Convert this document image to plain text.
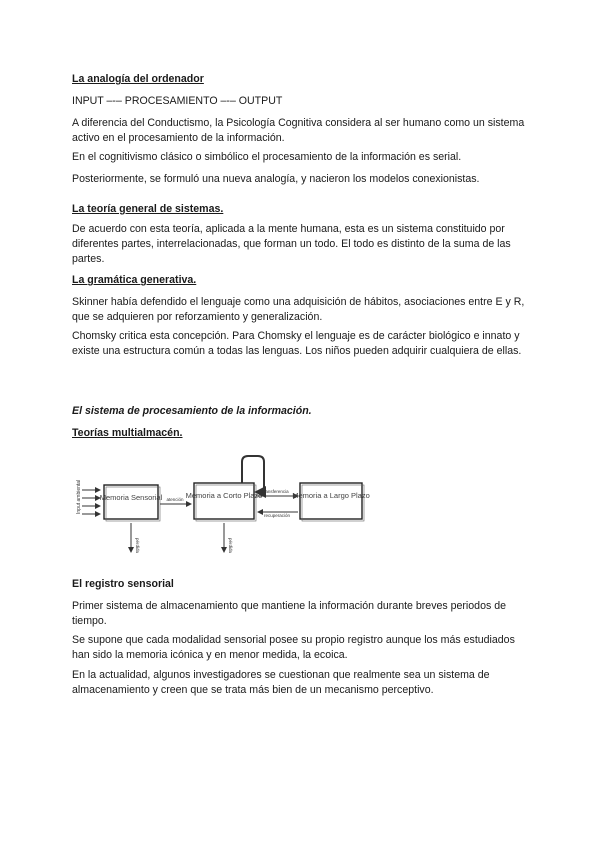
La analogía del ordenador

INPUT –-– PROCESAMIENTO –-– OUTPUT

A diferencia del Conductismo, la Psicología Cognitiva considera al ser humano como un sistema activo en el procesamiento de la información.

En el cognitivismo clásico o simbólico el procesamiento de la información es serial.

Posteriormente, se formuló una nueva analogía, y nacieron los modelos conexionistas.

La teoría general de sistemas.

De acuerdo con esta teoría, aplicada a la mente humana, esta es un sistema constituido por diferentes partes, interrelacionadas, que forman un todo. El todo es distinto de la suma de las partes.

La gramática generativa.

Skinner había defendido el lenguaje como una adquisición de hábitos, asociaciones entre E y R, que se adquieren por reforzamiento y generalización.

Chomsky critica esta concepción. Para Chomsky el lenguaje es de carácter biológico e innato y existe una estructura común a todas las lenguas. Los niños pueden adquirir cualquiera de ellas.

El sistema de procesamiento de la información.

Teorías multialmacén.

Input ambiental Memoria Sensorial atención Memoria a Corto Plazo
Transferencia
recuperación
Memoria a Largo Plazo
pérdida	pérdida

El registro sensorial

Primer sistema de almacenamiento que mantiene la información durante breves periodos de tiempo.

Se supone que cada modalidad sensorial posee su propio registro aunque los más estudiados han sido la memoria icónica y en menor medida, la ecoica.

En la actualidad, algunos investigadores se cuestionan que realmente sea un sistema de almacenamiento y creen que se trata más bien de un mecanismo perceptivo.
